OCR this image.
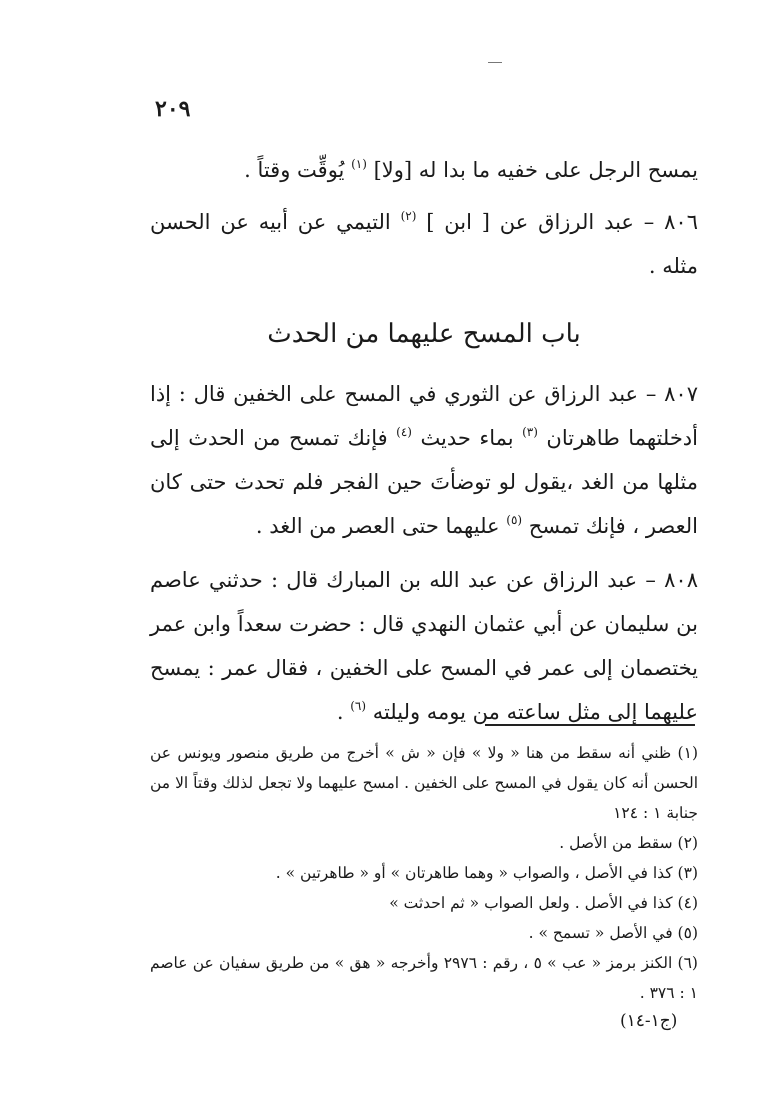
٢٠٩
يمسح الرجل على خفيه ما بدا له [ولا] $^{(١)}$ يُوقِّت وقتاً .
٨٠٦ – عبد الرزاق عن [ ابن ] $^{(٢)}$ التيمي عن أبيه عن الحسن مثله .
باب المسح عليهما من الحدث
٨٠٧ – عبد الرزاق عن الثوري في المسح على الخفين قال : إذا أدخلتهما طاهرتان $^{(٣)}$ بماء حديث $^{(٤)}$ فإنك تمسح من الحدث إلى مثلها من الغد ،يقول لو توضأتَ حين الفجر فلم تحدث حتى كان العصر ، فإنك تمسح $^{(٥)}$ عليهما حتى العصر من الغد .
٨٠٨ – عبد الرزاق عن عبد الله بن المبارك قال : حدثني عاصم بن سليمان عن أبي عثمان النهدي قال : حضرت سعداً وابن عمر يختصمان إلى عمر في المسح على الخفين ، فقال عمر : يمسح عليهما إلى مثل ساعته من يومه وليلته $^{(٦)}$ .

(١) ظني أنه سقط من هنا « ولا » فإن « ش » أخرج من طريق منصور ويونس عن الحسن أنه كان يقول في المسح على الخفين . امسح عليهما ولا تجعل لذلك وقتاً الا من جنابة ١ : ١٢٤

(٢) سقط من الأصل .

(٣) كذا في الأصل ، والصواب « وهما طاهرتان » أو « طاهرتين » .

(٤) كذا في الأصل . ولعل الصواب « ثم احدثت »

(٥) في الأصل « تسمح » .

(٦) الكنز برمز « عب » ٥ ، رقم : ٢٩٧٦ وأخرجه « هق » من طريق سفيان عن عاصم ١ : ٣٧٦ .

(ج١-١٤)
